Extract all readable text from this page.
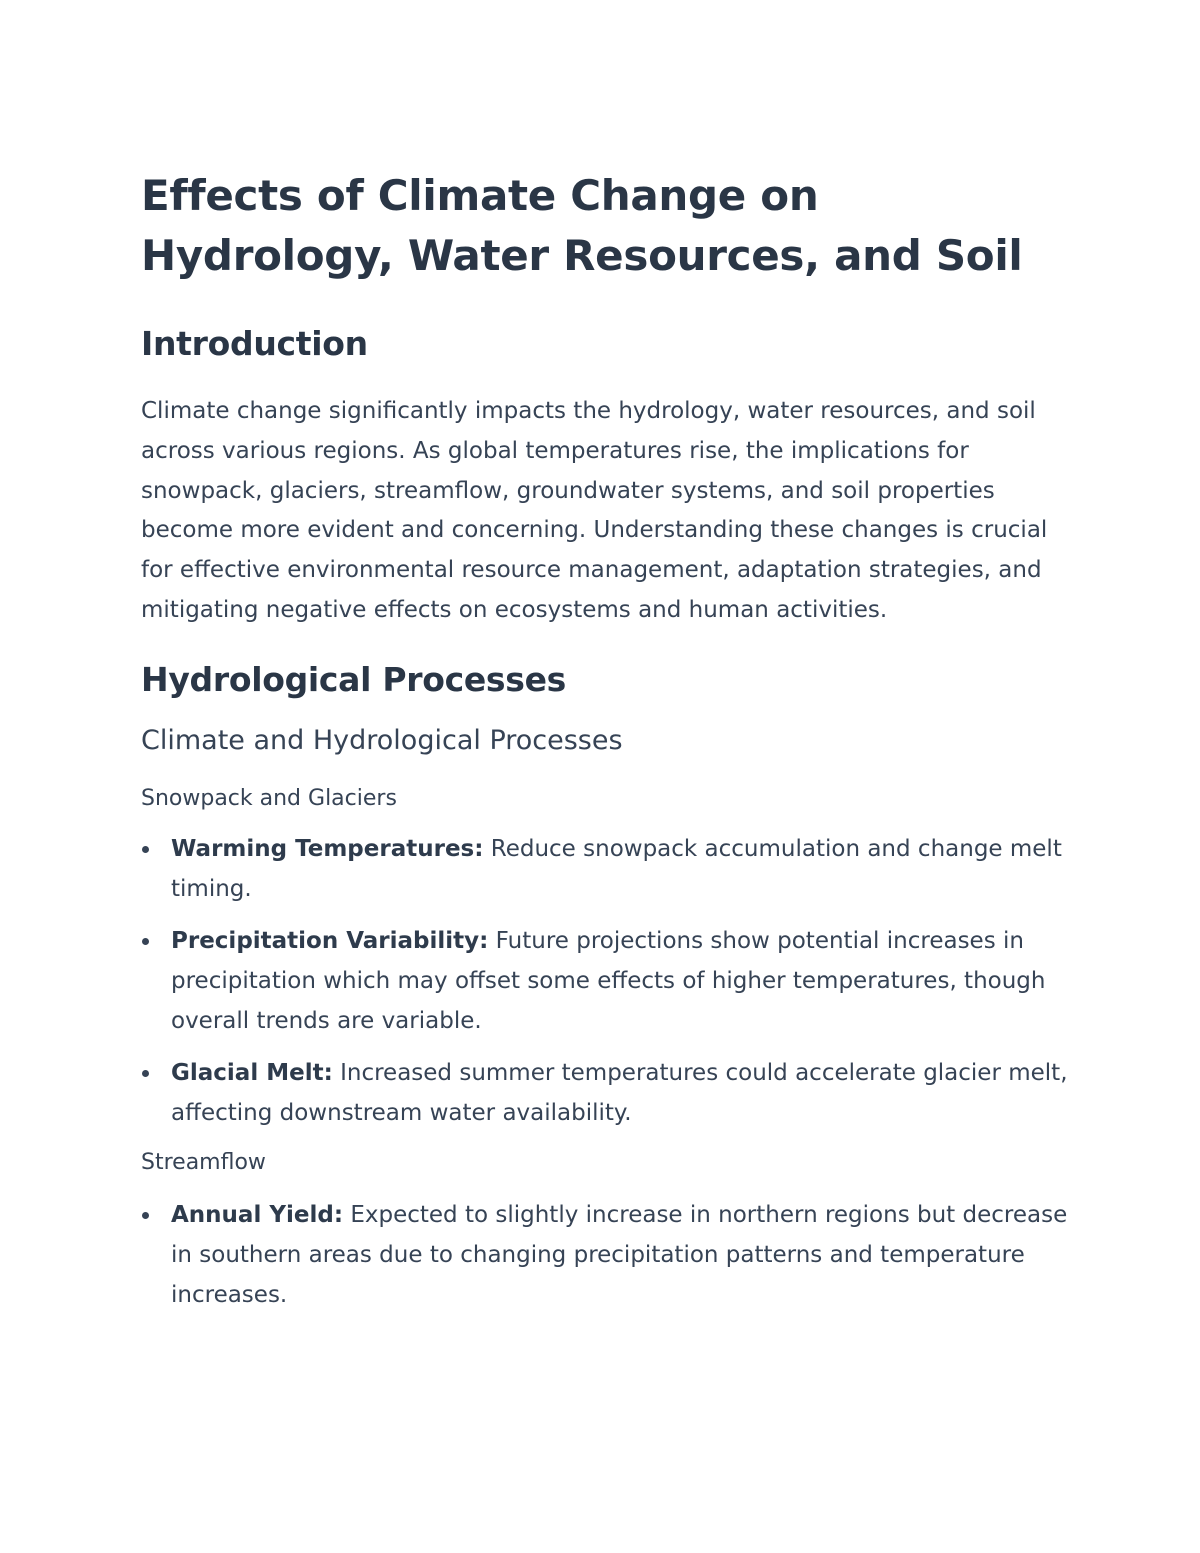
Effects of Climate Change on Hydrology, Water Resources, and Soil
Introduction

Climate change significantly impacts the hydrology, water resources, and soil across various regions. As global temperatures rise, the implications for snowpack, glaciers, streamflow, groundwater systems, and soil properties become more evident and concerning. Understanding these changes is crucial for effective environmental resource management, adaptation strategies, and mitigating negative effects on ecosystems and human activities.

Hydrological Processes
Climate and Hydrological Processes
Snowpack and Glaciers
Warming Temperatures: Reduce snowpack accumulation and change melt timing.
Precipitation Variability: Future projections show potential increases in precipitation which may offset some effects of higher temperatures, though overall trends are variable.
Glacial Melt: Increased summer temperatures could accelerate glacier melt, affecting downstream water availability.
Streamflow
Annual Yield: Expected to slightly increase in northern regions but decrease in southern areas due to changing precipitation patterns and temperature increases.
